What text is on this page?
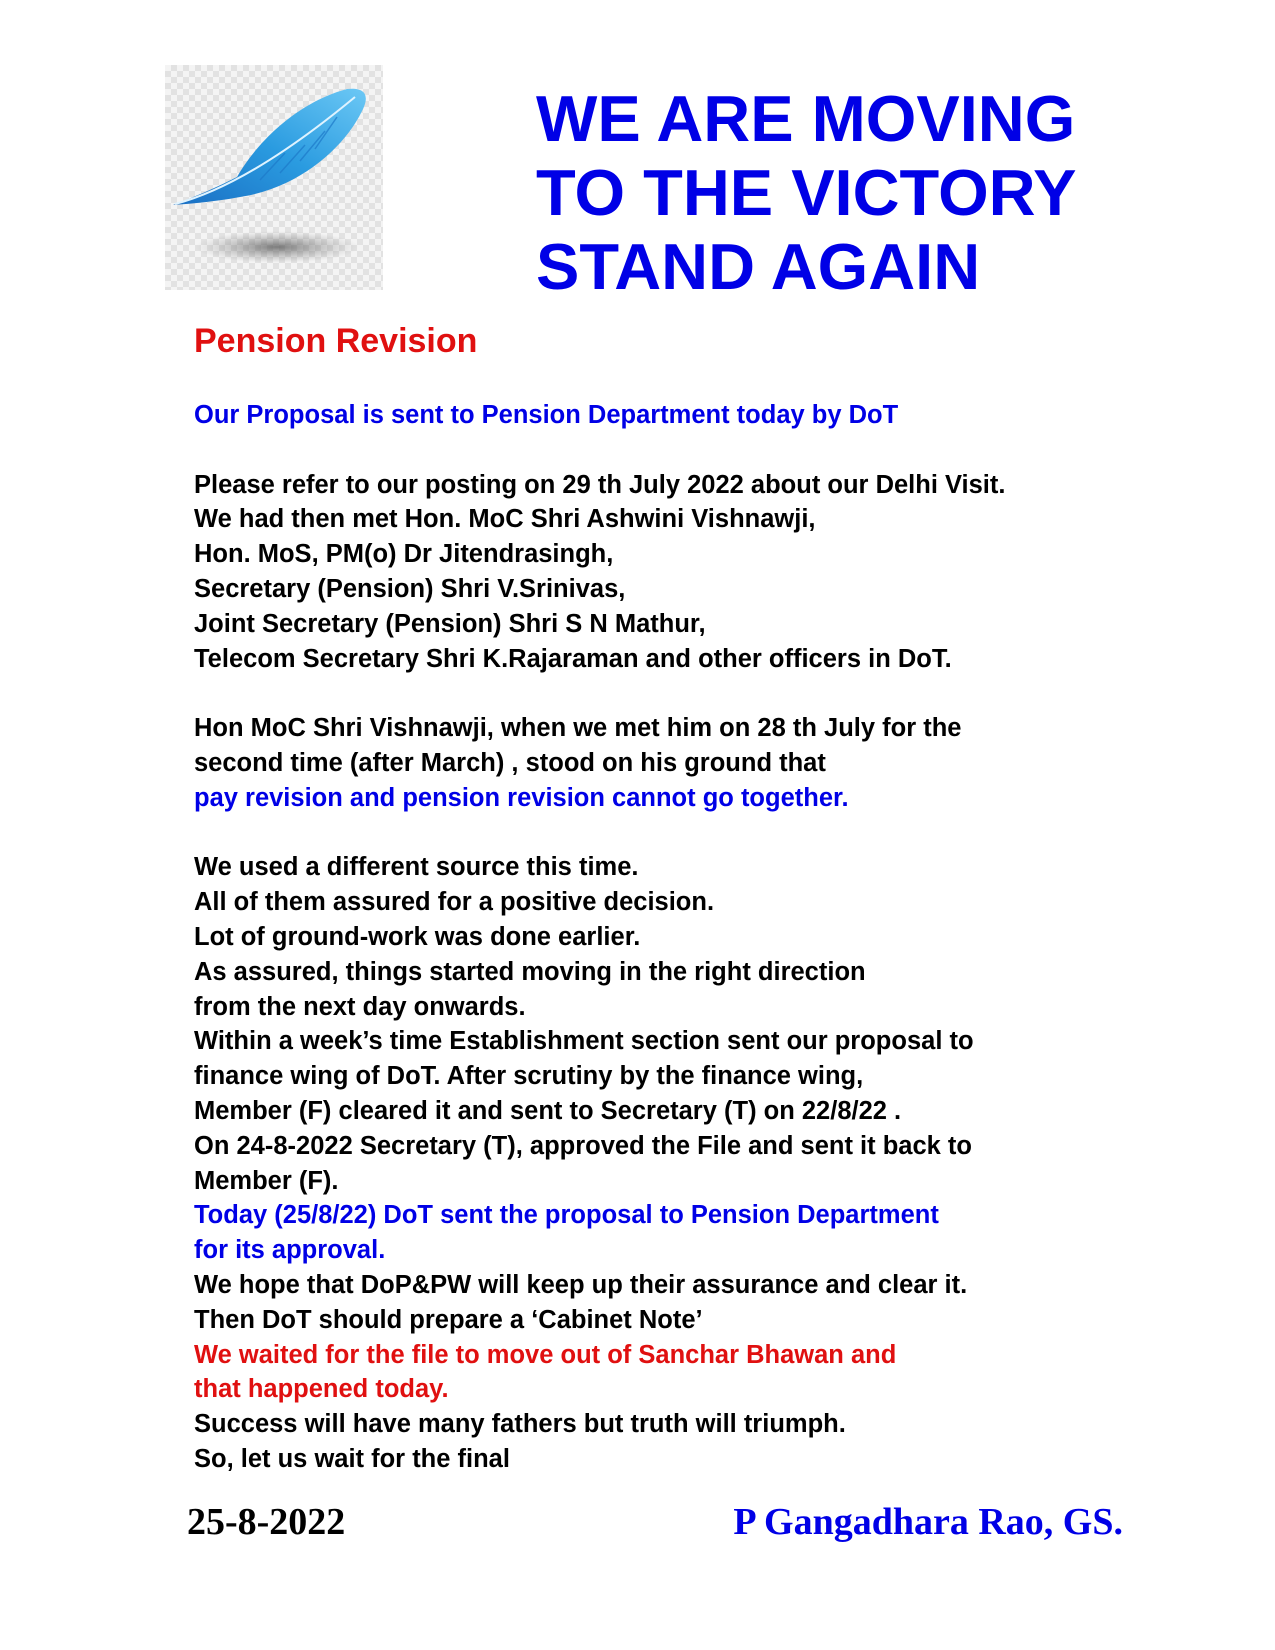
WE ARE MOVING
TO THE VICTORY
STAND AGAIN
Pension Revision
Our Proposal is sent to Pension Department today by DoT
Please refer to our posting on 29 th July 2022 about our Delhi Visit.
We had then met Hon. MoC Shri Ashwini Vishnawji,
Hon. MoS, PM(o) Dr Jitendrasingh,
Secretary (Pension) Shri V.Srinivas,
Joint Secretary (Pension) Shri S N Mathur,
Telecom Secretary Shri K.Rajaraman and other officers in DoT.
Hon MoC Shri Vishnawji, when we met him on 28 th July for the
second time (after March) , stood on his ground that
pay revision and pension revision cannot go together.
We used a different source this time.
All of them assured for a positive decision.
Lot of ground-work was done earlier.
As assured, things started moving in the right direction
from the next day onwards.
Within a week’s time Establishment section sent our proposal to
finance wing of DoT. After scrutiny by the finance wing,
Member (F) cleared it and sent to Secretary (T) on 22/8/22 .
On 24-8-2022 Secretary (T), approved the File and sent it back to
Member (F).
Today (25/8/22) DoT sent the proposal to Pension Department
for its approval.
We hope that DoP&PW will keep up their assurance and clear it.
Then DoT should prepare a ‘Cabinet Note’
We waited for the file to move out of Sanchar Bhawan and
that happened today.
Success will have many fathers but truth will triumph.
So, let us wait for the final
25-8-2022	P Gangadhara Rao, GS.
